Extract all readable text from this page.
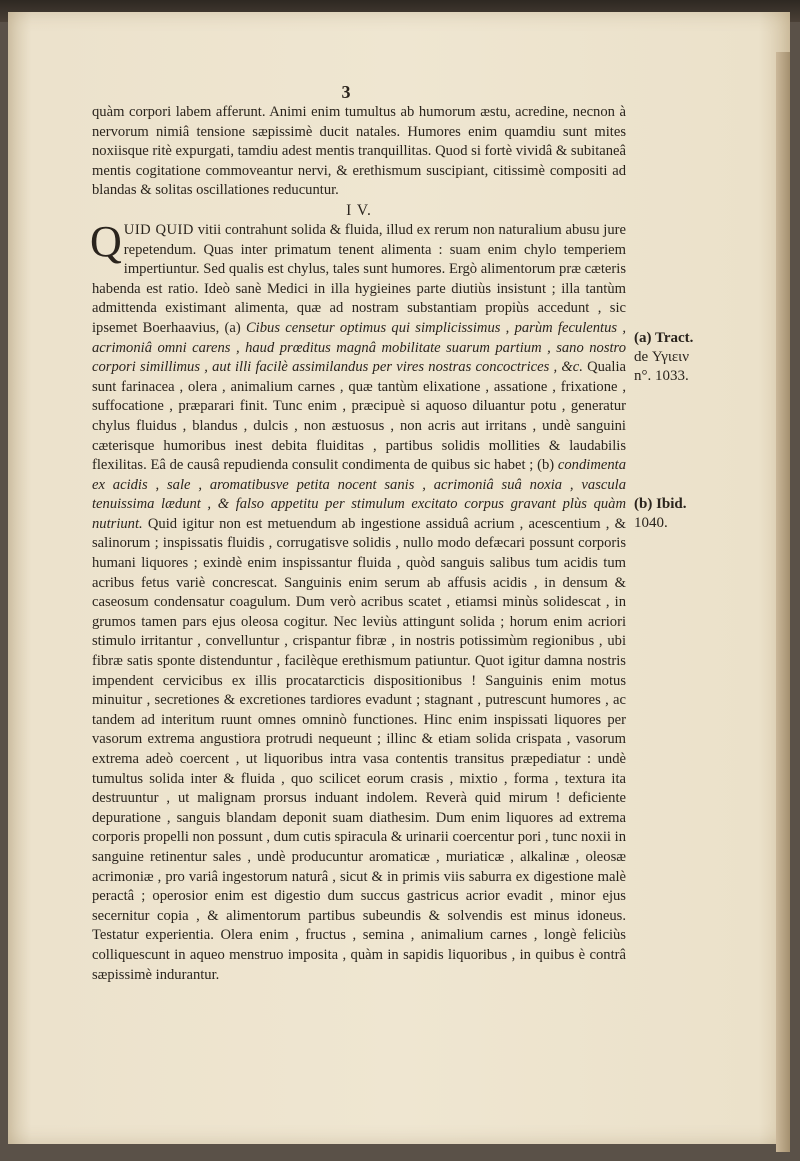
3

quàm corpori labem afferunt. Animi enim tumultus ab humorum æstu, acredine, necnon à nervorum nimiâ tensione sæpissimè ducit natales. Humores enim quamdiu sunt mites noxiisque ritè expurgati, tamdiu adest mentis tranquillitas. Quod si fortè vividâ & subitaneâ mentis cogitatione commoveantur nervi, & erethismum suscipiant, citissimè compositi ad blandas & solitas oscillationes reducuntur.

I V.

QUID QUID vitii contrahunt solida & fluida, illud ex rerum non naturalium abusu jure repetendum. Quas inter primatum tenent alimenta : suam enim chylo temperiem impertiuntur. Sed qualis est chylus, tales sunt humores. Ergò alimentorum præ cæteris habenda est ratio. Ideò sanè Medici in illa hygieines parte diutiùs insistunt ; illa tantùm admittenda existimant alimenta, quæ ad nostram substantiam propiùs accedunt , sic ipsemet Boerhaavius, (a) Cibus censetur optimus qui simplicissimus , parùm feculentus , acrimoniâ omni carens , haud prœditus magnâ mobilitate suarum partium , sano nostro corpori simillimus , aut illi facilè assimilandus per vires nostras concoctrices , &c. Qualia sunt farinacea , olera , animalium carnes , quæ tantùm elixatione , assatione , frixatione , suffocatione , præparari finit. Tunc enim , præcipuè si aquoso diluantur potu , generatur chylus fluidus , blandus , dulcis , non æstuosus , non acris aut irritans , undè sanguini cæterisque humoribus inest debita fluiditas , partibus solidis mollities & laudabilis flexilitas. Eâ de causâ repudienda consulit condimenta de quibus sic habet ; (b) condimenta ex acidis , sale , aromatibusve petita nocent sanis , acrimoniâ suâ noxia , vascula tenuissima lædunt , & falso appetitu per stimulum excitato corpus gravant plùs quàm nutriunt. Quid igitur non est metuendum ab ingestione assiduâ acrium , acescentium , & salinorum ; inspissatis fluidis , corrugatisve solidis , nullo modo defæcari possunt corporis humani liquores ; exindè enim inspissantur fluida , quòd sanguis salibus tum acidis tum acribus fetus variè concrescat. Sanguinis enim serum ab affusis acidis , in densum & caseosum condensatur coagulum. Dum verò acribus scatet , etiamsi minùs solidescat , in grumos tamen pars ejus oleosa cogitur. Nec leviùs attingunt solida ; horum enim acriori stimulo irritantur , convelluntur , crispantur fibræ , in nostris potissimùm regionibus , ubi fibræ satis sponte distenduntur , facilèque erethismum patiuntur. Quot igitur damna nostris impendent cervicibus ex illis procatarcticis dispositionibus ! Sanguinis enim motus minuitur , secretiones & excretiones tardiores evadunt ; stagnant , putrescunt humores , ac tandem ad interitum ruunt omnes omninò functiones. Hinc enim inspissati liquores per vasorum extrema angustiora protrudi nequeunt ; illinc & etiam solida crispata , vasorum extrema adeò coercent , ut liquoribus intra vasa contentis transitus præpediatur : undè tumultus solida inter & fluida , quo scilicet eorum crasis , mixtio , forma , textura ita destruuntur , ut malignam prorsus induant indolem. Reverà quid mirum ! deficiente depuratione , sanguis blandam deponit suam diathesim. Dum enim liquores ad extrema corporis propelli non possunt , dum cutis spiracula & urinarii coercentur pori , tunc noxii in sanguine retinentur sales , undè producuntur aromaticæ , muriaticæ , alkalinæ , oleosæ acrimoniæ , pro variâ ingestorum naturâ , sicut & in primis viis saburra ex digestione malè peractâ ; operosior enim est digestio dum succus gastricus acrior evadit , minor ejus secernitur copia , & alimentorum partibus subeundis & solvendis est minus idoneus. Testatur experientia. Olera enim , fructus , semina , animalium carnes , longè feliciùs colliquescunt in aqueo menstruo imposita , quàm in sapidis liquoribus , in quibus è contrâ sæpissimè indurantur.

(a) Tract.
de Υγιειν
n°. 1033.
(b) Ibid.
1040.
